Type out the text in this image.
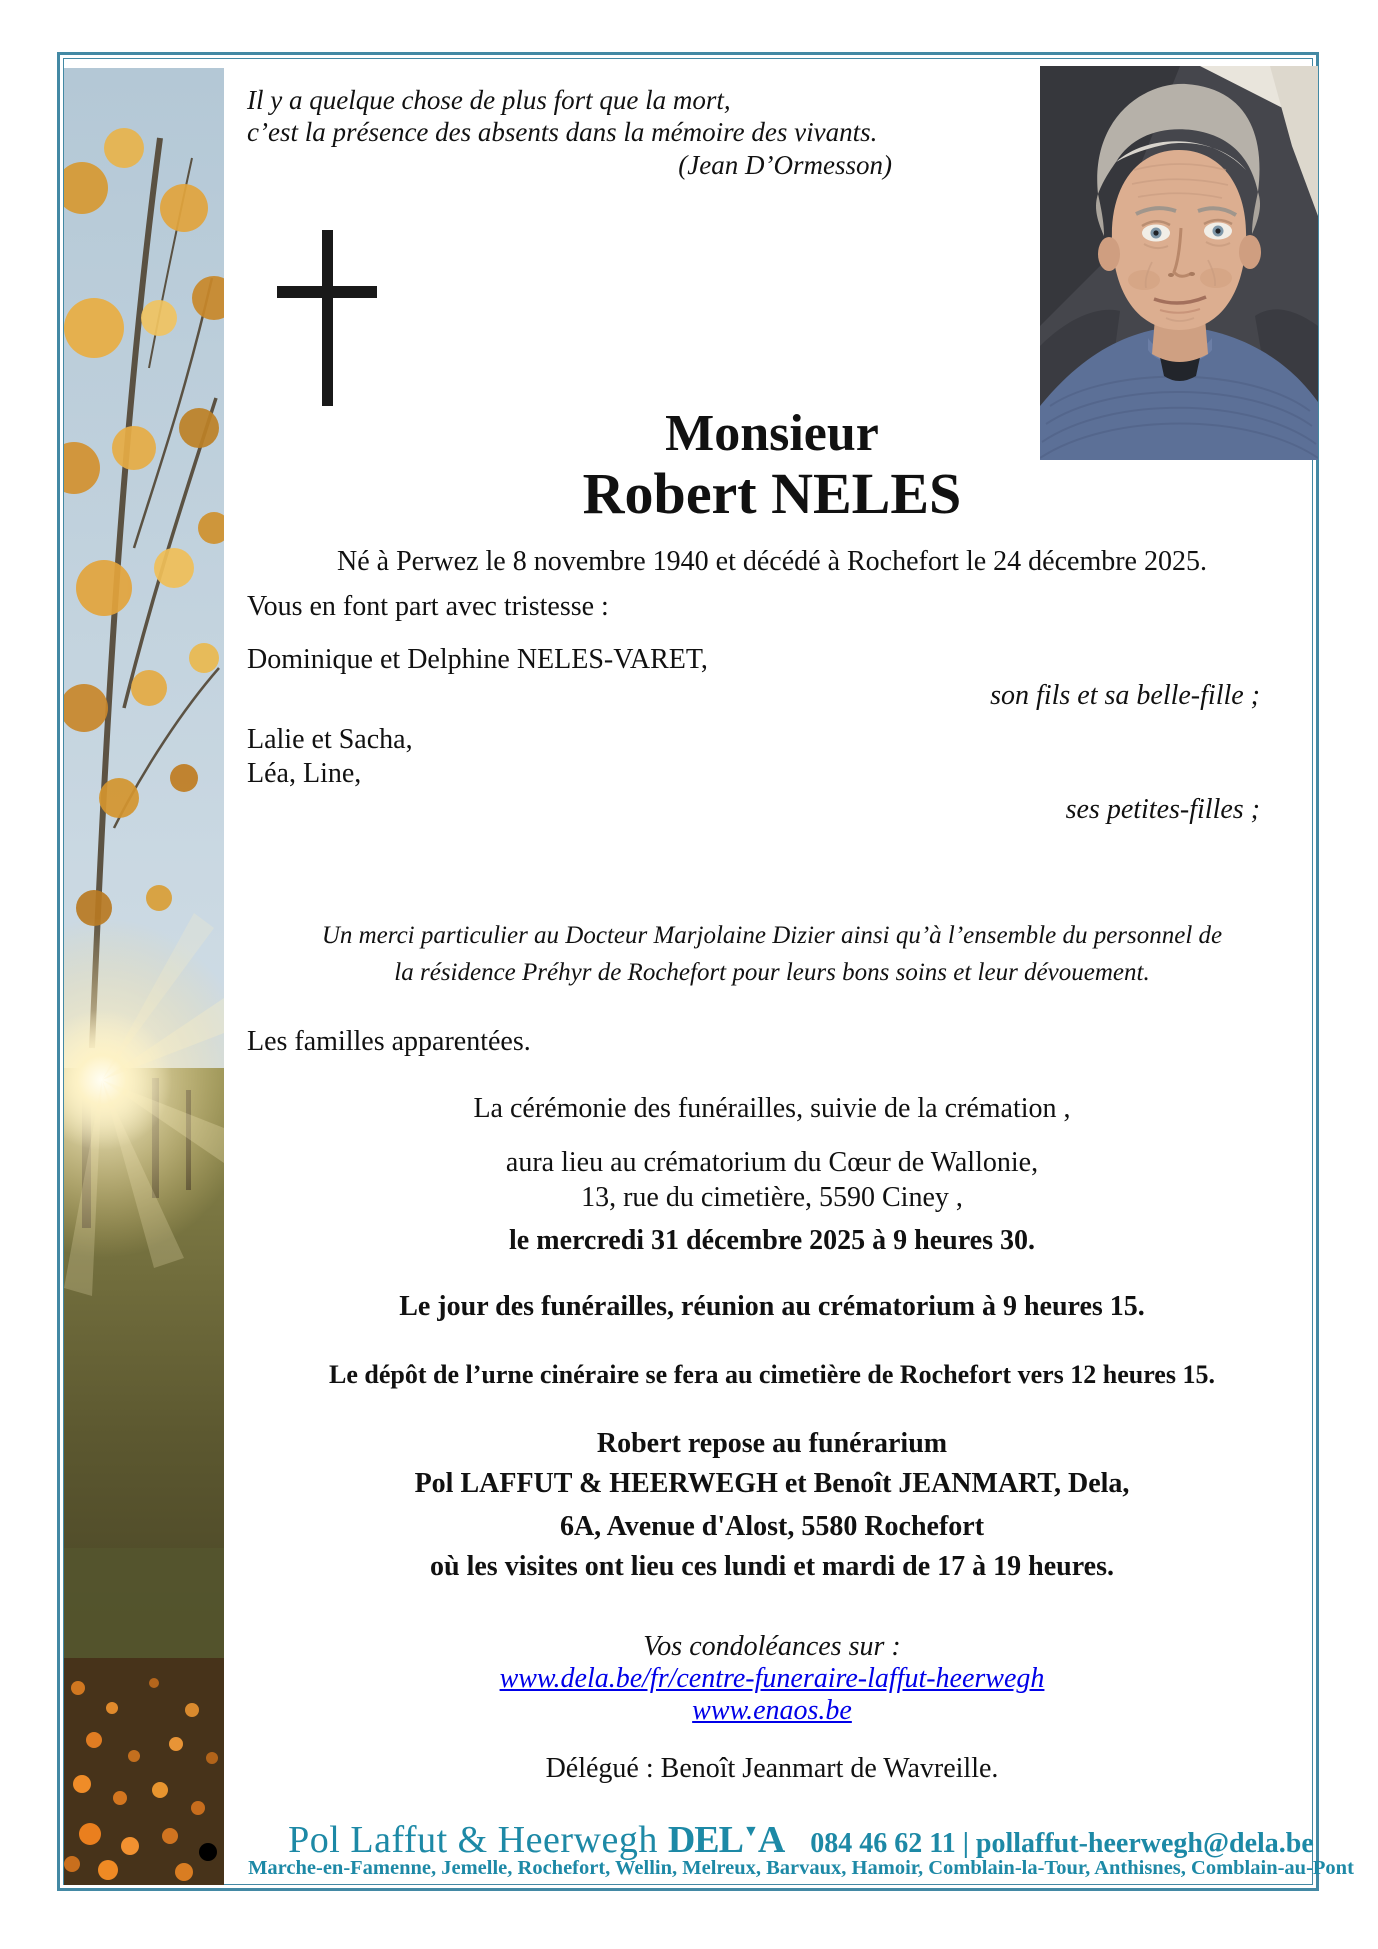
Il y a quelque chose de plus fort que la mort,
c’est la présence des absents dans la mémoire des vivants.
(Jean D’Ormesson)
Monsieur
Robert NELES
Né à Perwez le 8 novembre 1940 et décédé à Rochefort le 24 décembre 2025.
Vous en font part avec tristesse :
Dominique et Delphine NELES-VARET,
son fils et sa belle-fille ;
Lalie et Sacha,
Léa, Line,
ses petites-filles ;
Un merci particulier au Docteur Marjolaine Dizier ainsi qu’à l’ensemble du personnel de
la résidence Préhyr de Rochefort pour leurs bons soins et leur dévouement.
Les familles apparentées.
La cérémonie des funérailles, suivie de la crémation ,
aura lieu au crématorium du Cœur de Wallonie,
13, rue du cimetière, 5590 Ciney ,
le mercredi 31 décembre 2025 à 9 heures 30.
Le jour des funérailles, réunion au crématorium à 9 heures 15.
Le dépôt de l’urne cinéraire se fera au cimetière de Rochefort vers 12 heures 15.
Robert repose au funérarium
Pol LAFFUT & HEERWEGH et Benoît JEANMART, Dela,
6A, Avenue d'Alost, 5580 Rochefort
où les visites ont lieu ces lundi et mardi de 17 à 19 heures.
Vos condoléances sur :
www.dela.be/fr/centre-funeraire-laffut-heerwegh
www.enaos.be
Délégué : Benoît Jeanmart de Wavreille.
Pol Laffut & Heerwegh DEL▼A 084 46 62 11 | pollaffut-heerwegh@dela.be
Marche-en-Famenne, Jemelle, Rochefort, Wellin, Melreux, Barvaux, Hamoir, Comblain-la-Tour, Anthisnes, Comblain-au-Pont
